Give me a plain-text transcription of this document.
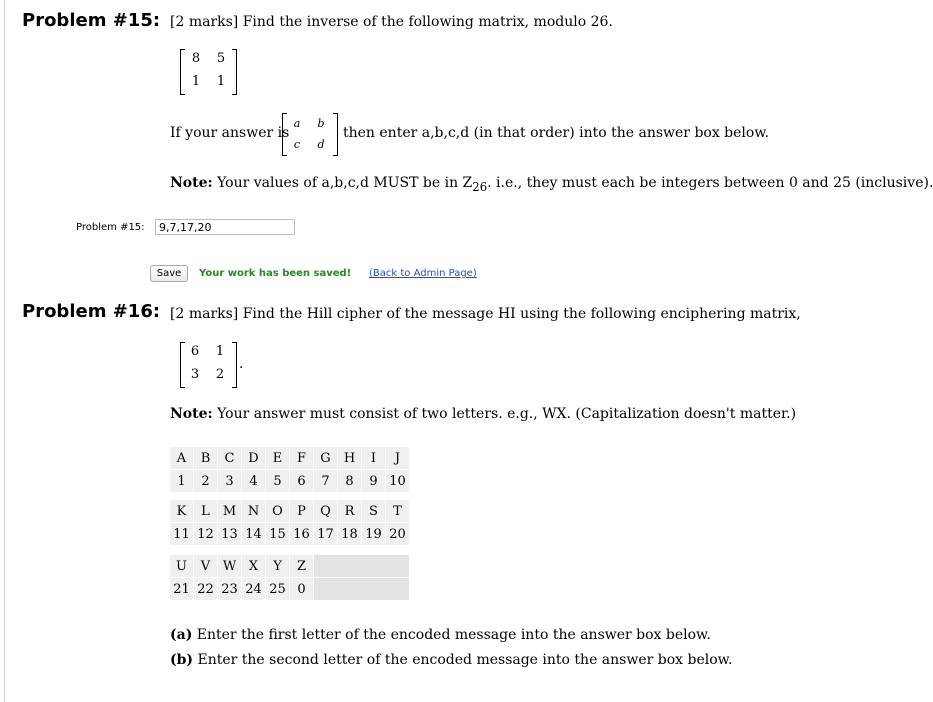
Problem #15: [2 marks] Find the inverse of the following matrix, modulo 26.
8 5
1 1
If your answer is
a	b
c	d
then enter a,b,c,d (in that order) into the answer box below.
Note: Your values of a,b,c,d MUST be in $Z_{26}$. i.e., they must each be integers between 0 and 25 (inclusive).
Problem #15:
9,7,17,20
Save	Your work has been saved! (Back to Admin Page)
Problem #16: [2 marks] Find the Hill cipher of the message HI using the following enciphering matrix,
6 1
3 2
.
Note: Your answer must consist of two letters. e.g., WX. (Capitalization doesn't matter.)
A	B	C	D	E	F	G	H	I	J
1	2	3	4	5	6	7	8	9	10
K	L	M	N	O	P	Q	R	S	T
11	12	13	14	15	16	17	18	19	20
U	V	W	X	Y	Z	
21	22	23	24	25	0	
(a) Enter the first letter of the encoded message into the answer box below.
(b) Enter the second letter of the encoded message into the answer box below.
